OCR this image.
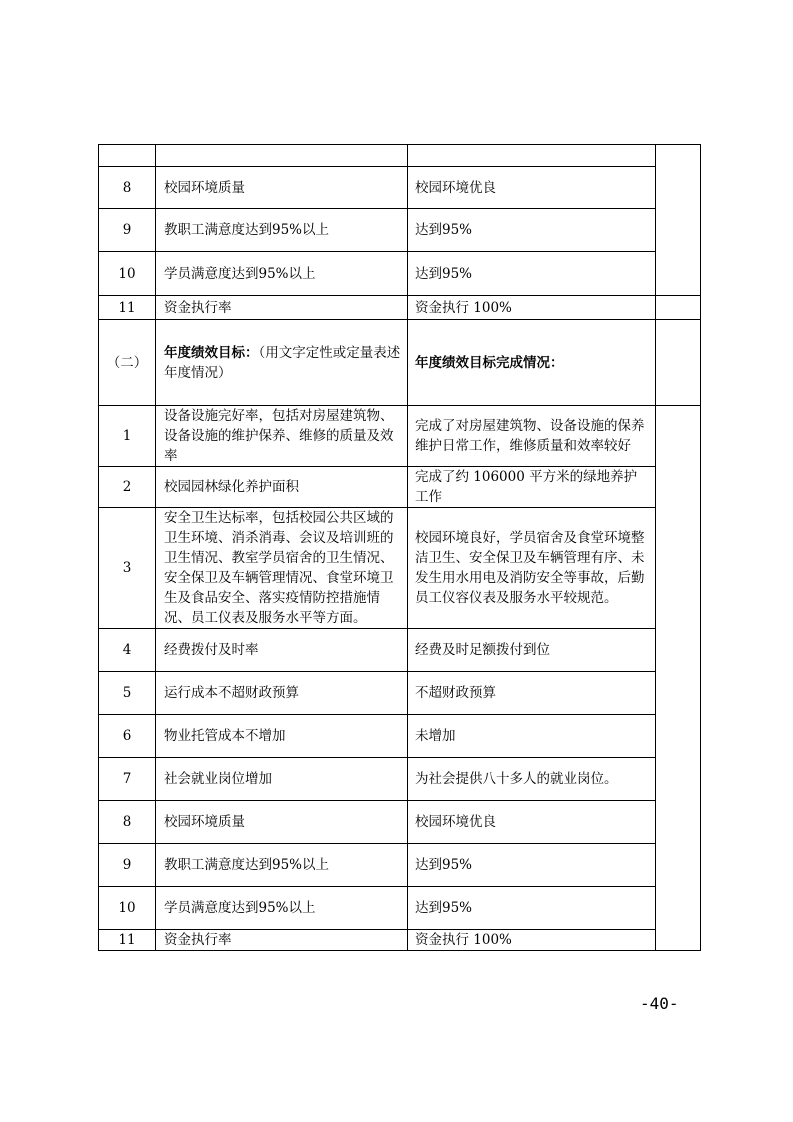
8	校园环境质量	校园环境优良	
9	教职工满意度达到95%以上	达到95%	
10	学员满意度达到95%以上	达到95%	
11	资金执行率	资金执行 100%	
（二）	年度绩效目标：（用文字定性或定量表述年度情况）	年度绩效目标完成情况：	
1	设备设施完好率，包括对房屋建筑物、设备设施的维护保养、维修的质量及效率	完成了对房屋建筑物、设备设施的保养维护日常工作，维修质量和效率较好	
2	校园园林绿化养护面积	完成了约 106000 平方米的绿地养护工作	
3	安全卫生达标率，包括校园公共区域的卫生环境、消杀消毒、会议及培训班的卫生情况、教室学员宿舍的卫生情况、安全保卫及车辆管理情况、食堂环境卫生及食品安全、落实疫情防控措施情况、员工仪表及服务水平等方面。	校园环境良好，学员宿舍及食堂环境整洁卫生、安全保卫及车辆管理有序、未发生用水用电及消防安全等事故，后勤员工仪容仪表及服务水平较规范。	
4	经费拨付及时率	经费及时足额拨付到位	
5	运行成本不超财政预算	不超财政预算	
6	物业托管成本不增加	未增加	
7	社会就业岗位增加	为社会提供八十多人的就业岗位。	
8	校园环境质量	校园环境优良	
9	教职工满意度达到95%以上	达到95%	
10	学员满意度达到95%以上	达到95%	
11	资金执行率	资金执行 100%	
-40-
